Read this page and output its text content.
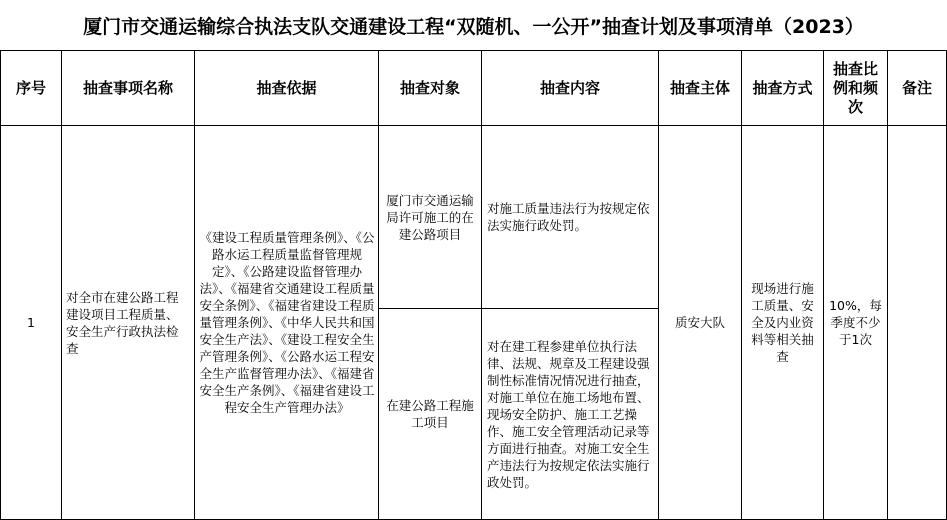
厦门市交通运输综合执法支队交通建设工程“双随机、一公开”抽查计划及事项清单（2023）
序号	抽查事项名称	抽查依据	抽查对象	抽查内容	抽查主体	抽查方式	抽查比例和频次	备注
1	对全市在建公路工程建设项目工程质量、安全生产行政执法检查	《建设工程质量管理条例》、《公路水运工程质量监督管理规定》、《公路建设监督管理办法》、《福建省交通建设工程质量安全条例》、《福建省建设工程质量管理条例》、《中华人民共和国安全生产法》、《建设工程安全生产管理条例》、《公路水运工程安全生产监督管理办法》、《福建省安全生产条例》、《福建省建设工程安全生产管理办法》	厦门市交通运输局许可施工的在建公路项目	对施工质量违法行为按规定依法实施行政处罚。	质安大队	现场进行施工质量、安全及内业资料等相关抽查	10%，每季度不少于1次	
			在建公路工程施工项目	对在建工程参建单位执行法律、法规、规章及工程建设强制性标准情况情况进行抽查，对施工单位在施工场地布置、现场安全防护、施工工艺操作、施工安全管理活动记录等方面进行抽查。对施工安全生产违法行为按规定依法实施行政处罚。				
